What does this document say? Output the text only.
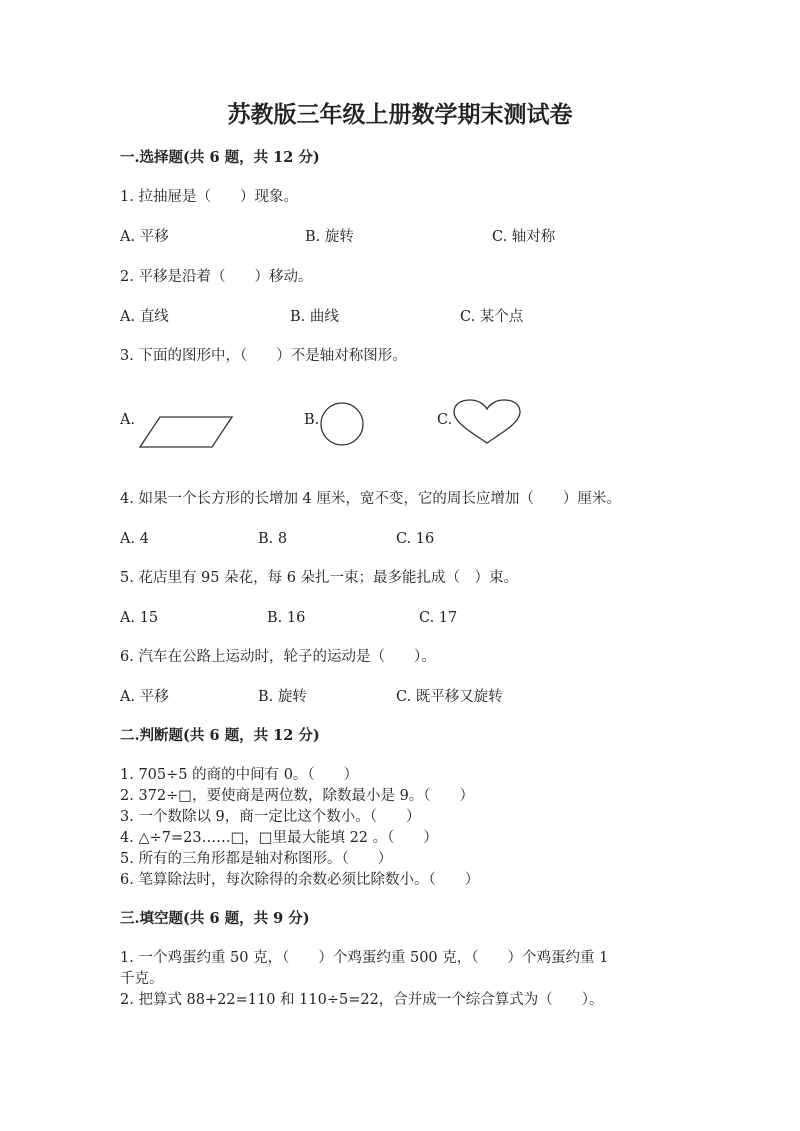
苏教版三年级上册数学期末测试卷
一.选择题(共 6 题，共 12 分)
1. 拉抽屉是（　　）现象。
A. 平移	B. 旋转	C. 轴对称
2. 平移是沿着（　　）移动。
A. 直线	B. 曲线	C. 某个点
3. 下面的图形中，（　　）不是轴对称图形。
A.	B.	C.
4. 如果一个长方形的长增加 4 厘米，宽不变，它的周长应增加（　　）厘米。
A. 4	B. 8	C. 16
5. 花店里有 95 朵花，每 6 朵扎一束；最多能扎成（　）束。
A. 15	B. 16	C. 17
6. 汽车在公路上运动时，轮子的运动是（　　）。
A. 平移	B. 旋转	C. 既平移又旋转
二.判断题(共 6 题，共 12 分)
1. 705÷5 的商的中间有 0。（　　）
2. 372÷□，要使商是两位数，除数最小是 9。（　　）
3. 一个数除以 9，商一定比这个数小。（　　）
4. △÷7=23……□，□里最大能填 22 。（　　）
5. 所有的三角形都是轴对称图形。（　　）
6. 笔算除法时，每次除得的余数必须比除数小。（　　）
三.填空题(共 6 题，共 9 分)
1. 一个鸡蛋约重 50 克，（　　）个鸡蛋约重 500 克，（　　）个鸡蛋约重 1
千克。
2. 把算式 88+22=110 和 110÷5=22，合并成一个综合算式为（　　）。
